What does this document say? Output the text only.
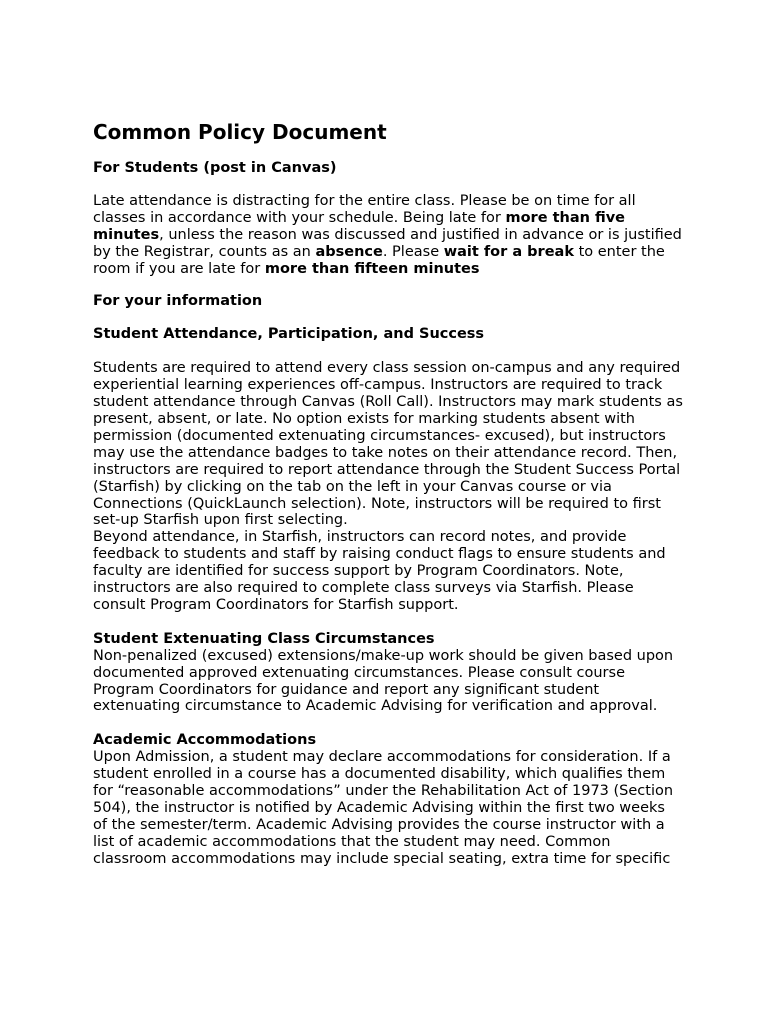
Common Policy Document

For Students (post in Canvas)

Late attendance is distracting for the entire class. Please be on time for all classes in accordance with your schedule. Being late for more than five minutes, unless the reason was discussed and justified in advance or is justified by the Registrar, counts as an absence. Please wait for a break to enter the room if you are late for more than fifteen minutes

For your information

Student Attendance, Participation, and Success

Students are required to attend every class session on-campus and any required experiential learning experiences off-campus. Instructors are required to track student attendance through Canvas (Roll Call). Instructors may mark students as present, absent, or late. No option exists for marking students absent with permission (documented extenuating circumstances- excused), but instructors may use the attendance badges to take notes on their attendance record. Then, instructors are required to report attendance through the Student Success Portal (Starfish) by clicking on the tab on the left in your Canvas course or via Connections (QuickLaunch selection). Note, instructors will be required to first set-up Starfish upon first selecting.

Beyond attendance, in Starfish, instructors can record notes, and provide feedback to students and staff by raising conduct flags to ensure students and faculty are identified for success support by Program Coordinators. Note, instructors are also required to complete class surveys via Starfish. Please consult Program Coordinators for Starfish support.

Student Extenuating Class Circumstances

Non-penalized (excused) extensions/make-up work should be given based upon documented approved extenuating circumstances. Please consult course Program Coordinators for guidance and report any significant student extenuating circumstance to Academic Advising for verification and approval.

Academic Accommodations

Upon Admission, a student may declare accommodations for consideration. If a student enrolled in a course has a documented disability, which qualifies them for “reasonable accommodations” under the Rehabilitation Act of 1973 (Section 504), the instructor is notified by Academic Advising within the first two weeks of the semester/term. Academic Advising provides the course instructor with a list of academic accommodations that the student may need. Common classroom accommodations may include special seating, extra time for specific
